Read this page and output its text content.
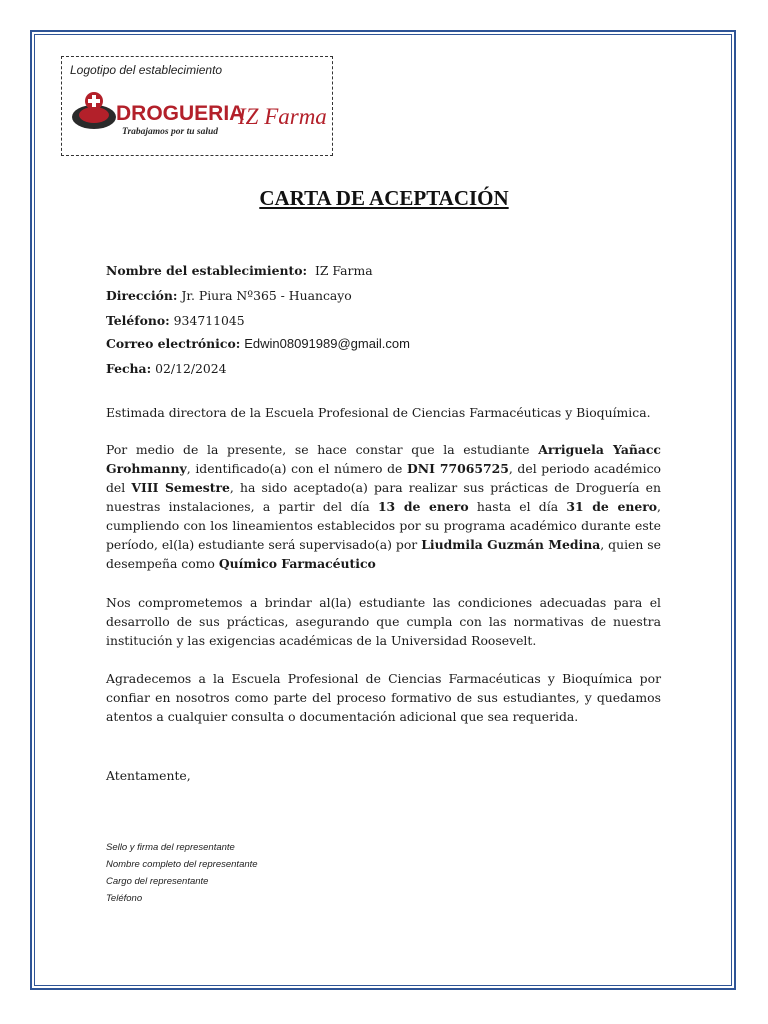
Logotipo del establecimiento
DROGUERIA
IZ Farma
Trabajamos por tu salud
CARTA DE ACEPTACIÓN
Nombre del establecimiento: IZ Farma
Dirección: Jr. Piura Nº365 - Huancayo
Teléfono: 934711045
Correo electrónico: Edwin08091989@gmail.com
Fecha: 02/12/2024
Estimada directora de la Escuela Profesional de Ciencias Farmacéuticas y Bioquímica.
Por medio de la presente, se hace constar que la estudiante Arriguela Yañacc Grohmanny, identificado(a) con el número de DNI 77065725, del periodo académico del VIII Semestre, ha sido aceptado(a) para realizar sus prácticas de Droguería en nuestras instalaciones, a partir del día 13 de enero hasta el día 31 de enero, cumpliendo con los lineamientos establecidos por su programa académico durante este período, el(la) estudiante será supervisado(a) por Liudmila Guzmán Medina, quien se desempeña como Químico Farmacéutico
Nos comprometemos a brindar al(la) estudiante las condiciones adecuadas para el desarrollo de sus prácticas, asegurando que cumpla con las normativas de nuestra institución y las exigencias académicas de la Universidad Roosevelt.
Agradecemos a la Escuela Profesional de Ciencias Farmacéuticas y Bioquímica por confiar en nosotros como parte del proceso formativo de sus estudiantes, y quedamos atentos a cualquier consulta o documentación adicional que sea requerida.
Atentamente,
Sello y firma del representante
Nombre completo del representante
Cargo del representante
Teléfono
